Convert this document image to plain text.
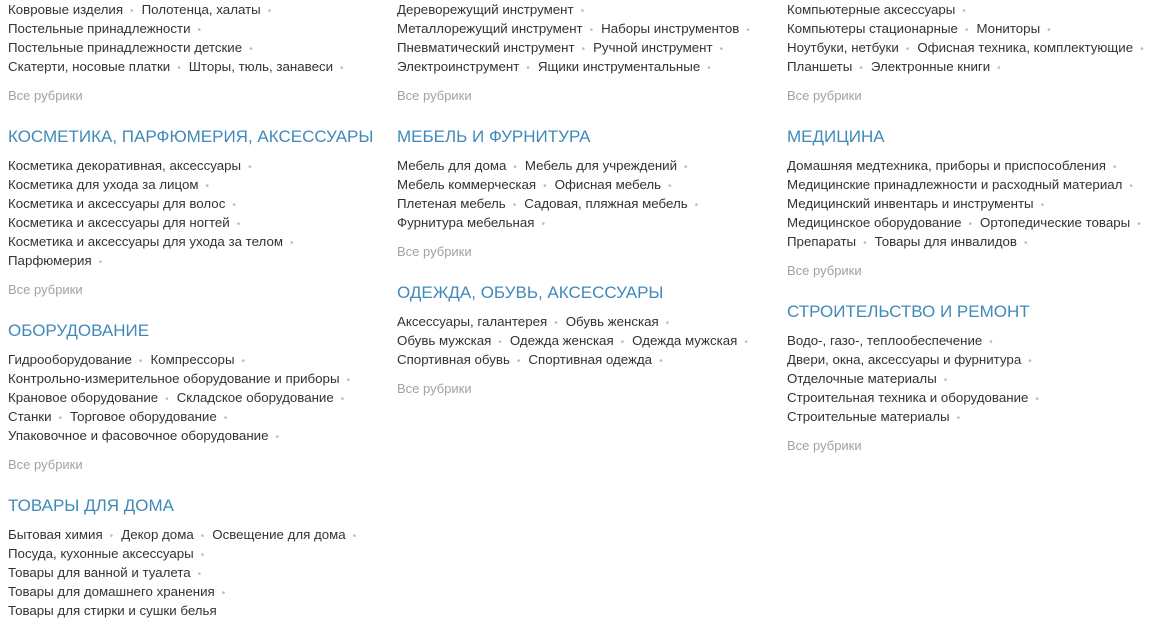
Ковровые изделия • Полотенца, халаты •
Постельные принадлежности •
Постельные принадлежности детские •
Скатерти, носовые платки • Шторы, тюль, занавеси •
Все рубрики
КОСМЕТИКА, ПАРФЮМЕРИЯ, АКСЕССУАРЫ
Косметика декоративная, аксессуары •
Косметика для ухода за лицом •
Косметика и аксессуары для волос •
Косметика и аксессуары для ногтей •
Косметика и аксессуары для ухода за телом •
Парфюмерия •
Все рубрики
ОБОРУДОВАНИЕ
Гидрооборудование • Компрессоры •
Контрольно-измерительное оборудование и приборы •
Крановое оборудование • Складское оборудование •
Станки • Торговое оборудование •
Упаковочное и фасовочное оборудование •
Все рубрики
ТОВАРЫ ДЛЯ ДОМА
Бытовая химия • Декор дома • Освещение для дома •
Посуда, кухонные аксессуары •
Товары для ванной и туалета •
Товары для домашнего хранения •
Товары для стирки и сушки белья
Дереворежущий инструмент •
Металлорежущий инструмент • Наборы инструментов •
Пневматический инструмент • Ручной инструмент •
Электроинструмент • Ящики инструментальные •
Все рубрики
МЕБЕЛЬ И ФУРНИТУРА
Мебель для дома • Мебель для учреждений •
Мебель коммерческая • Офисная мебель •
Плетеная мебель • Садовая, пляжная мебель •
Фурнитура мебельная •
Все рубрики
ОДЕЖДА, ОБУВЬ, АКСЕССУАРЫ
Аксессуары, галантерея • Обувь женская •
Обувь мужская • Одежда женская • Одежда мужская •
Спортивная обувь • Спортивная одежда •
Все рубрики
Компьютерные аксессуары •
Компьютеры стационарные • Мониторы •
Ноутбуки, нетбуки • Офисная техника, комплектующие •
Планшеты • Электронные книги •
Все рубрики
МЕДИЦИНА
Домашняя медтехника, приборы и приспособления •
Медицинские принадлежности и расходный материал •
Медицинский инвентарь и инструменты •
Медицинское оборудование • Ортопедические товары •
Препараты • Товары для инвалидов •
Все рубрики
СТРОИТЕЛЬСТВО И РЕМОНТ
Водо-, газо-, теплообеспечение •
Двери, окна, аксессуары и фурнитура •
Отделочные материалы •
Строительная техника и оборудование •
Строительные материалы •
Все рубрики
